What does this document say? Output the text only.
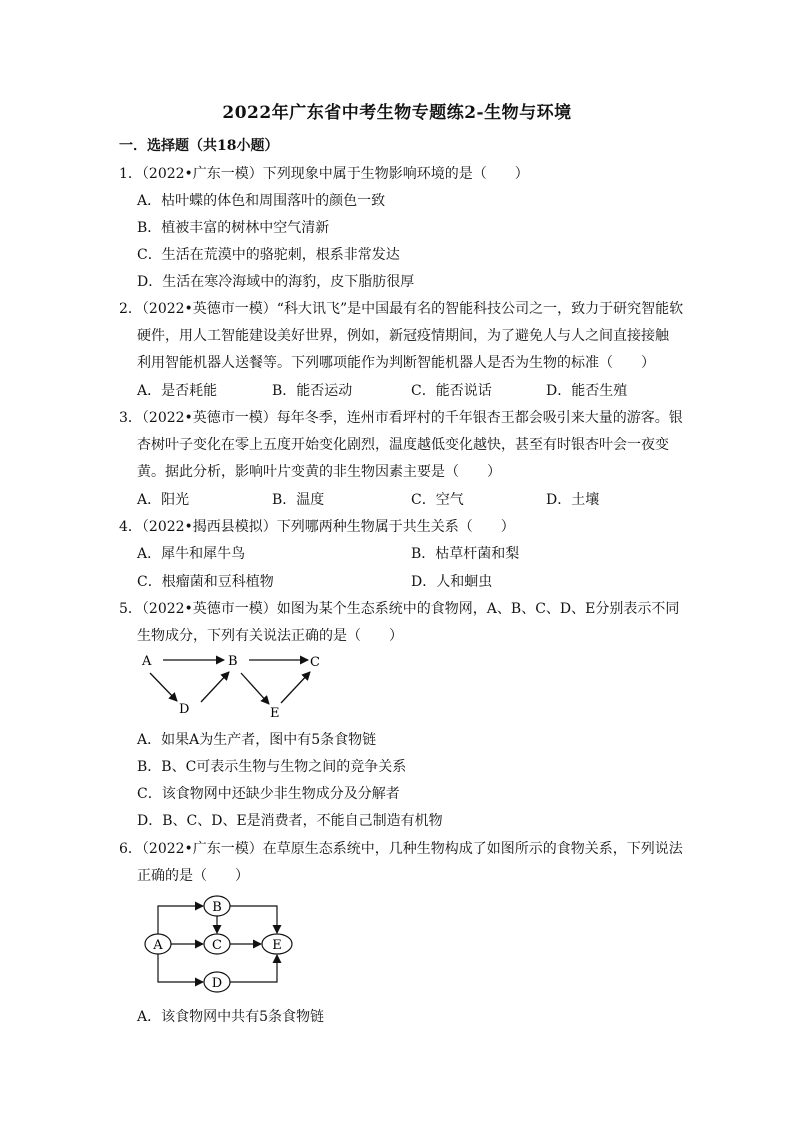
2022年广东省中考生物专题练2-生物与环境
一．选择题（共18小题）
1．（2022•广东一模）下列现象中属于生物影响环境的是（　　）
A．枯叶蝶的体色和周围落叶的颜色一致
B．植被丰富的树林中空气清新
C．生活在荒漠中的骆驼刺，根系非常发达
D．生活在寒冷海域中的海豹，皮下脂肪很厚
2．（2022•英德市一模）“科大讯飞”是中国最有名的智能科技公司之一，致力于研究智能软
硬件，用人工智能建设美好世界，例如，新冠疫情期间，为了避免人与人之间直接接触
利用智能机器人送餐等。下列哪项能作为判断智能机器人是否为生物的标准（　　）
A．是否耗能	B．能否运动	C．能否说话	D．能否生殖
3．（2022•英德市一模）每年冬季，连州市看坪村的千年银杏王都会吸引来大量的游客。银
杏树叶子变化在零上五度开始变化剧烈，温度越低变化越快，甚至有时银杏叶会一夜变
黄。据此分析，影响叶片变黄的非生物因素主要是（　　）
A．阳光	B．温度	C．空气	D．土壤
4．（2022•揭西县模拟）下列哪两种生物属于共生关系（　　）
A．犀牛和犀牛鸟	B．枯草杆菌和梨
C．根瘤菌和豆科植物	D．人和蛔虫
5．（2022•英德市一模）如图为某个生态系统中的食物网，A、B、C、D、E分别表示不同
生物成分，下列有关说法正确的是（　　）
A	B	C
D	E
A．如果A为生产者，图中有5条食物链
B．B、C可表示生物与生物之间的竞争关系
C．该食物网中还缺少非生物成分及分解者
D．B、C、D、E是消费者，不能自己制造有机物
6．（2022•广东一模）在草原生态系统中，几种生物构成了如图所示的食物关系，下列说法
正确的是（　　）
A
B
C
D
E
A．该食物网中共有5条食物链
